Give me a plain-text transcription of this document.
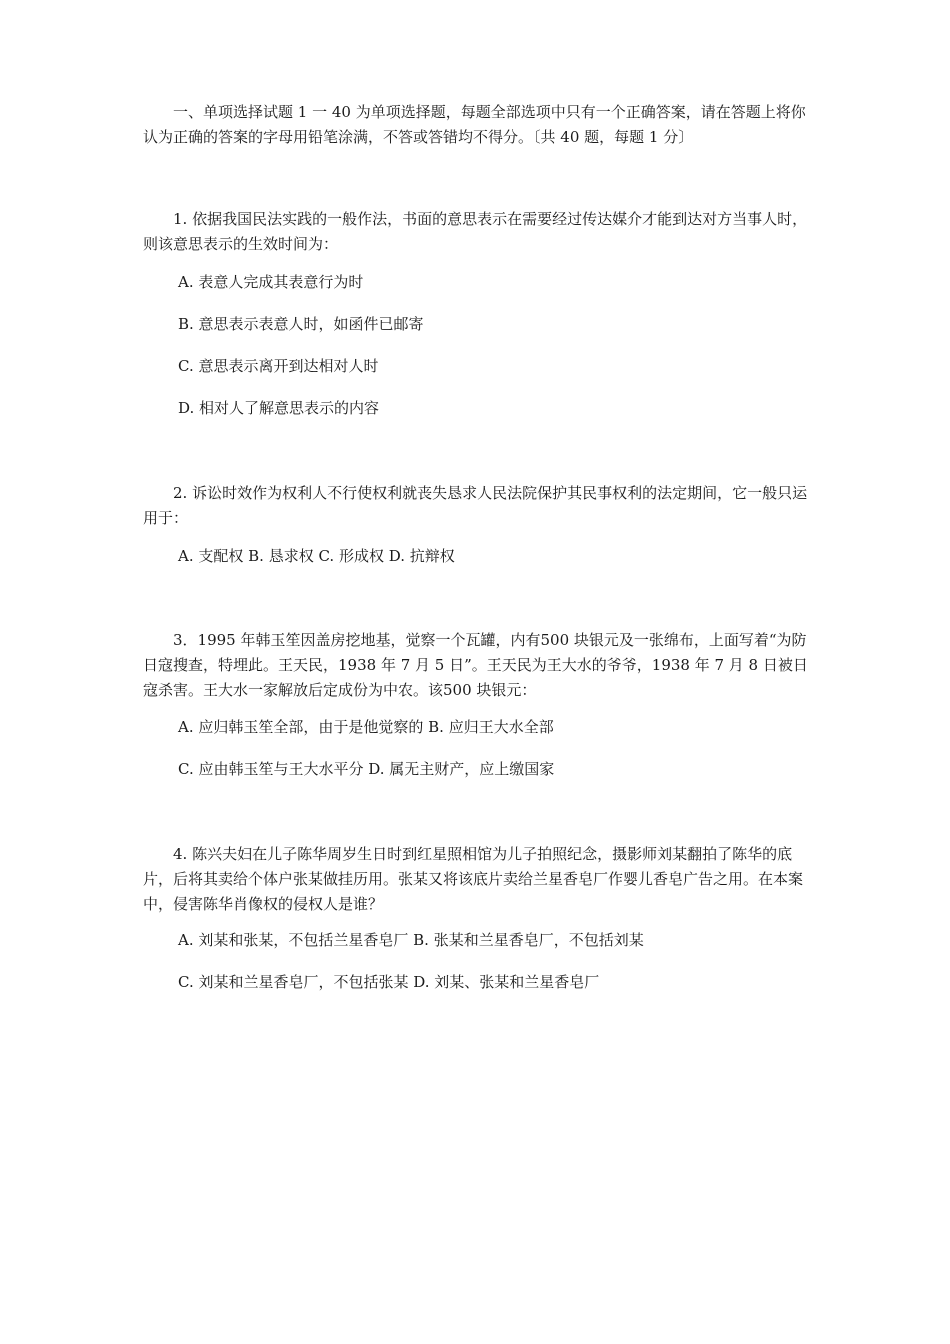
一、单项选择试题 1 一 40 为单项选择题，每题全部选项中只有一个正确答案，请在答题上将你认为正确的答案的字母用铅笔涂满，不答或答错均不得分。〔共 40 题，每题 1 分〕
1. 依据我国民法实践的一般作法，书面的意思表示在需要经过传达媒介才能到达对方当事人时，则该意思表示的生效时间为：
A. 表意人完成其表意行为时
B. 意思表示表意人时，如函件已邮寄
C. 意思表示离开到达相对人时
D. 相对人了解意思表示的内容
2. 诉讼时效作为权利人不行使权利就丧失恳求人民法院保护其民事权利的法定期间，它一般只运用于：
A. 支配权 B. 恳求权 C. 形成权 D. 抗辩权
3．1995 年韩玉笙因盖房挖地基，觉察一个瓦罐，内有500 块银元及一张绵布，上面写着“为防日寇搜查，特埋此。王天民，1938 年 7 月 5 日”。王天民为王大水的爷爷，1938 年 7 月 8 日被日寇杀害。王大水一家解放后定成份为中农。该500 块银元：
A. 应归韩玉笙全部，由于是他觉察的 B. 应归王大水全部
C. 应由韩玉笙与王大水平分 D. 属无主财产，应上缴国家
4. 陈兴夫妇在儿子陈华周岁生日时到红星照相馆为儿子拍照纪念，摄影师刘某翻拍了陈华的底片，后将其卖给个体户张某做挂历用。张某又将该底片卖给兰星香皂厂作婴儿香皂广告之用。在本案中，侵害陈华肖像权的侵权人是谁？
A. 刘某和张某，不包括兰星香皂厂 B. 张某和兰星香皂厂，不包括刘某
C. 刘某和兰星香皂厂，不包括张某 D. 刘某、张某和兰星香皂厂
